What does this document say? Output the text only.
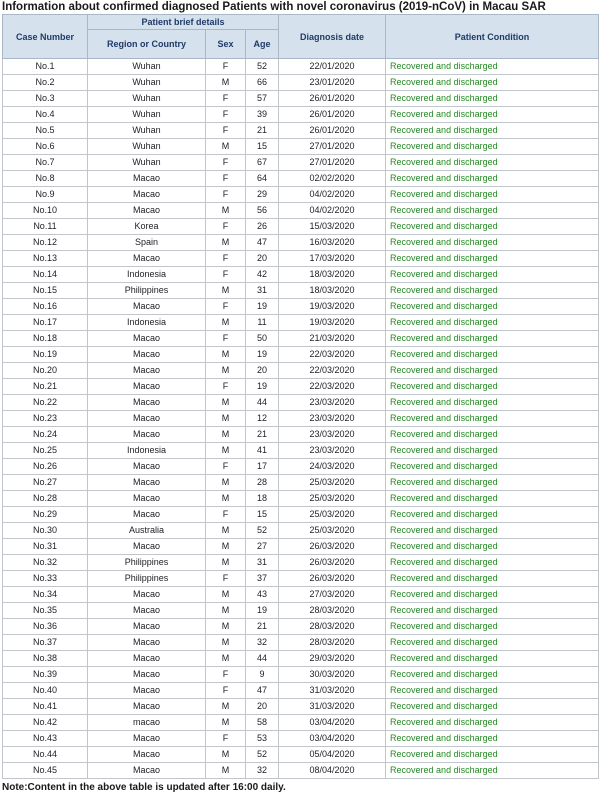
Information about confirmed diagnosed Patients with novel coronavirus (2019-nCoV) in Macau SAR
Case Number	Patient brief details			Diagnosis date	Patient Condition
	Region or Country	Sex	Age		
No.1	Wuhan	F	52	22/01/2020	Recovered and discharged
No.2	Wuhan	M	66	23/01/2020	Recovered and discharged
No.3	Wuhan	F	57	26/01/2020	Recovered and discharged
No.4	Wuhan	F	39	26/01/2020	Recovered and discharged
No.5	Wuhan	F	21	26/01/2020	Recovered and discharged
No.6	Wuhan	M	15	27/01/2020	Recovered and discharged
No.7	Wuhan	F	67	27/01/2020	Recovered and discharged
No.8	Macao	F	64	02/02/2020	Recovered and discharged
No.9	Macao	F	29	04/02/2020	Recovered and discharged
No.10	Macao	M	56	04/02/2020	Recovered and discharged
No.11	Korea	F	26	15/03/2020	Recovered and discharged
No.12	Spain	M	47	16/03/2020	Recovered and discharged
No.13	Macao	F	20	17/03/2020	Recovered and discharged
No.14	Indonesia	F	42	18/03/2020	Recovered and discharged
No.15	Philippines	M	31	18/03/2020	Recovered and discharged
No.16	Macao	F	19	19/03/2020	Recovered and discharged
No.17	Indonesia	M	11	19/03/2020	Recovered and discharged
No.18	Macao	F	50	21/03/2020	Recovered and discharged
No.19	Macao	M	19	22/03/2020	Recovered and discharged
No.20	Macao	M	20	22/03/2020	Recovered and discharged
No.21	Macao	F	19	22/03/2020	Recovered and discharged
No.22	Macao	M	44	23/03/2020	Recovered and discharged
No.23	Macao	M	12	23/03/2020	Recovered and discharged
No.24	Macao	M	21	23/03/2020	Recovered and discharged
No.25	Indonesia	M	41	23/03/2020	Recovered and discharged
No.26	Macao	F	17	24/03/2020	Recovered and discharged
No.27	Macao	M	28	25/03/2020	Recovered and discharged
No.28	Macao	M	18	25/03/2020	Recovered and discharged
No.29	Macao	F	15	25/03/2020	Recovered and discharged
No.30	Australia	M	52	25/03/2020	Recovered and discharged
No.31	Macao	M	27	26/03/2020	Recovered and discharged
No.32	Philippines	M	31	26/03/2020	Recovered and discharged
No.33	Philippines	F	37	26/03/2020	Recovered and discharged
No.34	Macao	M	43	27/03/2020	Recovered and discharged
No.35	Macao	M	19	28/03/2020	Recovered and discharged
No.36	Macao	M	21	28/03/2020	Recovered and discharged
No.37	Macao	M	32	28/03/2020	Recovered and discharged
No.38	Macao	M	44	29/03/2020	Recovered and discharged
No.39	Macao	F	9	30/03/2020	Recovered and discharged
No.40	Macao	F	47	31/03/2020	Recovered and discharged
No.41	Macao	M	20	31/03/2020	Recovered and discharged
No.42	macao	M	58	03/04/2020	Recovered and discharged
No.43	Macao	F	53	03/04/2020	Recovered and discharged
No.44	Macao	M	52	05/04/2020	Recovered and discharged
No.45	Macao	M	32	08/04/2020	Recovered and discharged
Note:Content in the above table is updated after 16:00 daily.
